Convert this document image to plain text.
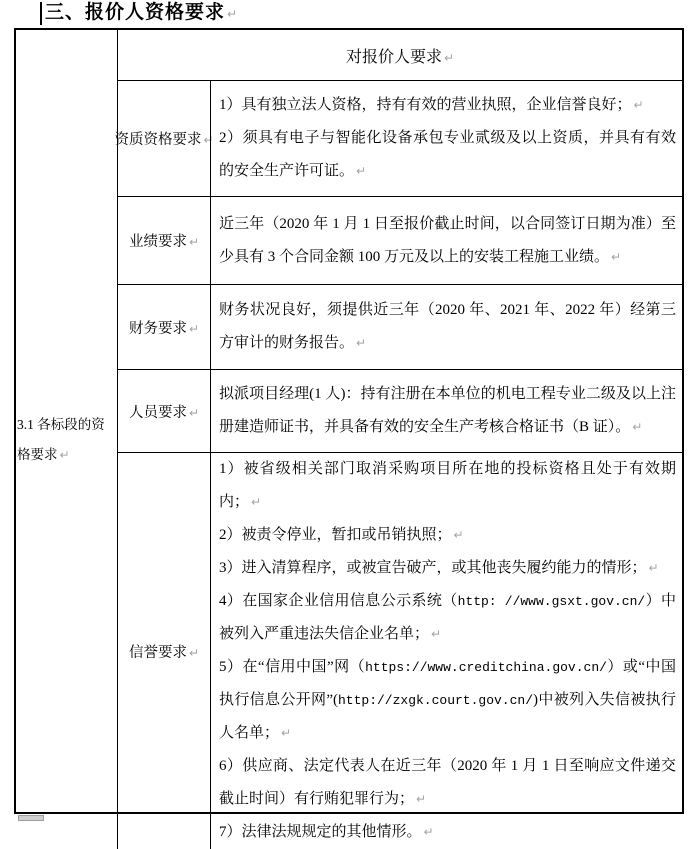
三、报价人资格要求 ↵
3.1 各标段的资格要求 ↵
对报价人要求 ↵
资质资格要求 ↵

1）具有独立法人资格，持有有效的营业执照，企业信誉良好； ↵

2）须具有电子与智能化设备承包专业贰级及以上资质，并具有有效的安全生产许可证。 ↵

业绩要求 ↵

近三年（2020 年 1 月 1 日至报价截止时间，以合同签订日期为准）至少具有 3 个合同金额 100 万元及以上的安装工程施工业绩。 ↵

财务要求 ↵

财务状况良好，须提供近三年（2020 年、2021 年、2022 年）经第三方审计的财务报告。 ↵

人员要求 ↵

拟派项目经理(1 人)：持有注册在本单位的机电工程专业二级及以上注册建造师证书，并具备有效的安全生产考核合格证书（B 证）。 ↵

信誉要求 ↵

1）被省级相关部门取消采购项目所在地的投标资格且处于有效期内； ↵

2）被责令停业，暂扣或吊销执照； ↵

3）进入清算程序，或被宣告破产，或其他丧失履约能力的情形； ↵

4）在国家企业信用信息公示系统（http: //www.gsxt.gov.cn/）中被列入严重违法失信企业名单； ↵

5）在“信用中国”网（https://www.creditchina.gov.cn/）或“中国执行信息公开网”(http://zxgk.court.gov.cn/)中被列入失信被执行人名单； ↵

6）供应商、法定代表人在近三年（2020 年 1 月 1 日至响应文件递交截止时间）有行贿犯罪行为； ↵

7）法律法规规定的其他情形。 ↵
